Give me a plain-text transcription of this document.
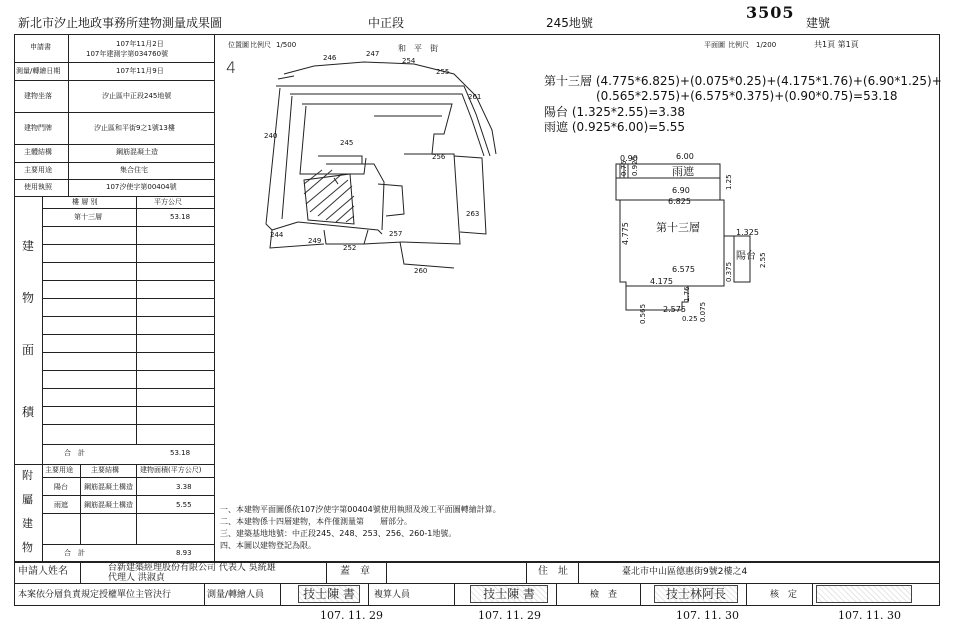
新北市汐止地政事務所建物測量成果圖	中正段	245地號
3505
建號
申請書	107年11月2日
107年建測字第034760號
測量/轉繪日期	107年11月9日
建物坐落	汐止區中正段245地號
建物門牌	汐止區和平街9之1號13樓
主體結構	鋼筋混凝土造
主要用途	集合住宅
使用執照	107汐使字第00404號
建
物
面
積
樓 層 別	平方公尺
第十三層	53.18
合　計	53.18
附
屬
建
物
主要用途	主要結構	建物面積(平方公尺)
陽台 鋼筋混凝土構造	3.38
雨遮 鋼筋混凝土構造	5.55
合　計	8.93
位置圖 比例尺 1/500
4	246	247
254
255
261
240
245
256
263
244
249
252
257
260
和　平　街	平面圖 比例尺 1/200	共1頁 第1頁
第十三層 (4.775*6.825)+(0.075*0.25)+(4.175*1.76)+(6.90*1.25)+
(0.565*2.575)+(6.575*0.375)+(0.90*0.75)=53.18
陽台 (1.325*2.55)=3.38
雨遮 (0.925*6.00)=5.55
0.90	6.00
0.75 0.925	雨遮
6.90
6.825
1.25
第十三層
4.775	1.325
陽台 2.55
6.575	0.375
4.175
1.76
0.565 2.575
0.25 0.075
一、本建物平面圖係依107汐使字第00404號使用執照及竣工平面圖轉繪計算。
二、本建物係十四層建物，本件僅測量第　　層部分。
三、建築基地地號：中正段245、248、253、256、260-1地號。
四、本圖以建物登記為限。
申請人姓名	台新建築經理股份有限公司 代表人 吳統雄
代理人 洪淑貞
蓋　章	住　址	臺北市中山區德惠街9號2樓之4
本案依分層負責規定授權單位主管決行	測量/轉繪人員	技士陳 書	複算人員	技士陳 書	檢　查	技士林阿長	核　定
107. 11. 29	107. 11. 29	107. 11. 30	107. 11. 30
